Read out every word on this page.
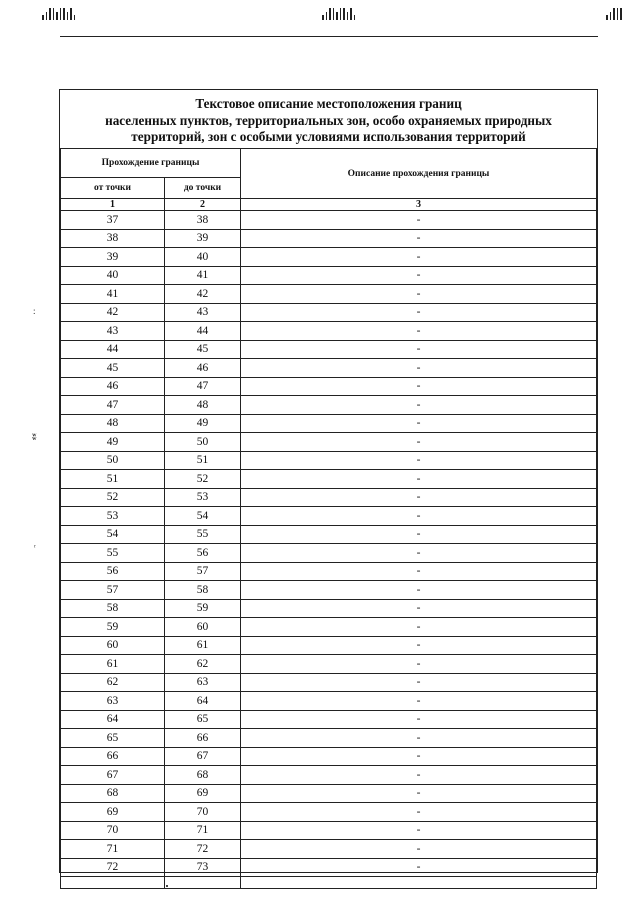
:
ʬ
ʳ
Текстовое описание местоположения границ
населенных пунктов, территориальных зон, особо охраняемых природных
территорий, зон с особыми условиями использования территорий
Прохождение границы		Описание прохождения границы
от точки	до точки	
1	2	3
37	38	-
38	39	-
39	40	-
40	41	-
41	42	-
42	43	-
43	44	-
44	45	-
45	46	-
46	47	-
47	48	-
48	49	-
49	50	-
50	51	-
51	52	-
52	53	-
53	54	-
54	55	-
55	56	-
56	57	-
57	58	-
58	59	-
59	60	-
60	61	-
61	62	-
62	63	-
63	64	-
64	65	-
65	66	-
66	67	-
67	68	-
68	69	-
69	70	-
70	71	-
71	72	-
72	73	-
